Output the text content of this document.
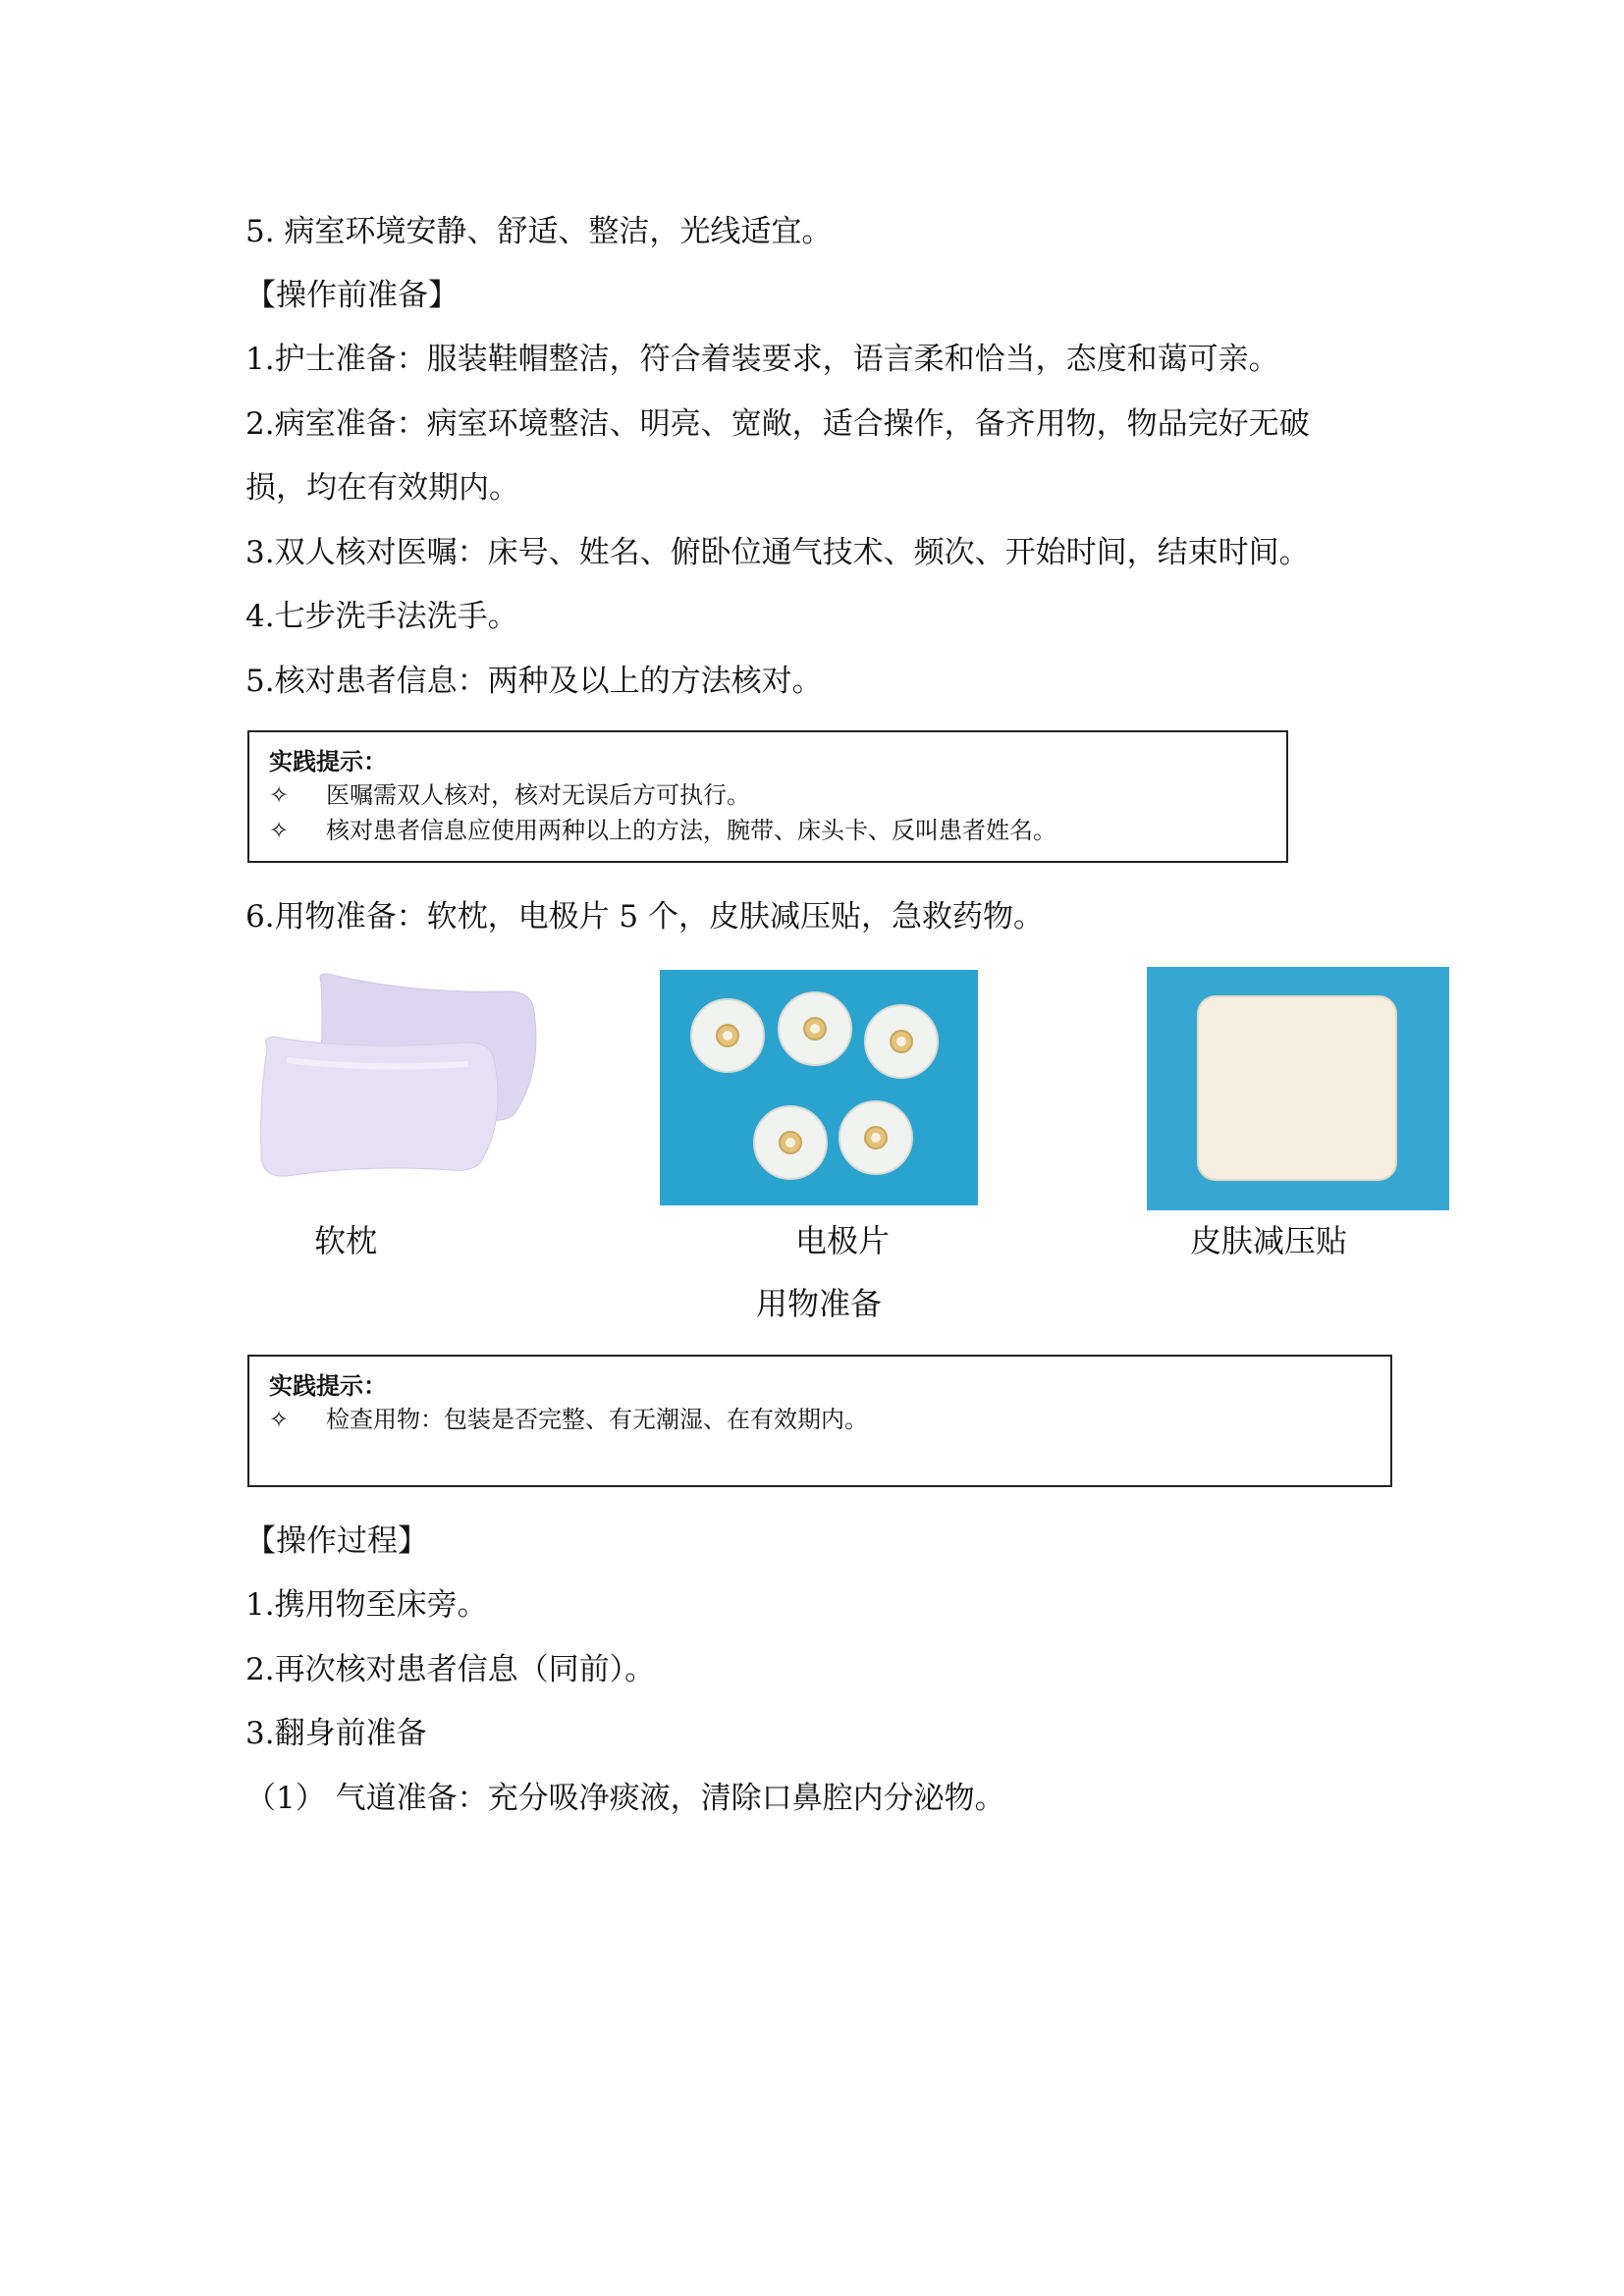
5. 病室环境安静、舒适、整洁，光线适宜。
【操作前准备】
1.护士准备：服装鞋帽整洁，符合着装要求，语言柔和恰当，态度和蔼可亲。
2.病室准备：病室环境整洁、明亮、宽敞，适合操作，备齐用物，物品完好无破
损，均在有效期内。
3.双人核对医嘱：床号、姓名、俯卧位通气技术、频次、开始时间，结束时间。
4.七步洗手法洗手。
5.核对患者信息：两种及以上的方法核对。
实践提示：
✧	医嘱需双人核对，核对无误后方可执行。
✧	核对患者信息应使用两种以上的方法，腕带、床头卡、反叫患者姓名。
6.用物准备：软枕，电极片 5 个，皮肤减压贴，急救药物。
软枕	电极片	皮肤减压贴
用物准备
实践提示：
✧	检查用物：包装是否完整、有无潮湿、在有效期内。
【操作过程】
1.携用物至床旁。
2.再次核对患者信息（同前）。
3.翻身前准备
（1） 气道准备：充分吸净痰液，清除口鼻腔内分泌物。
